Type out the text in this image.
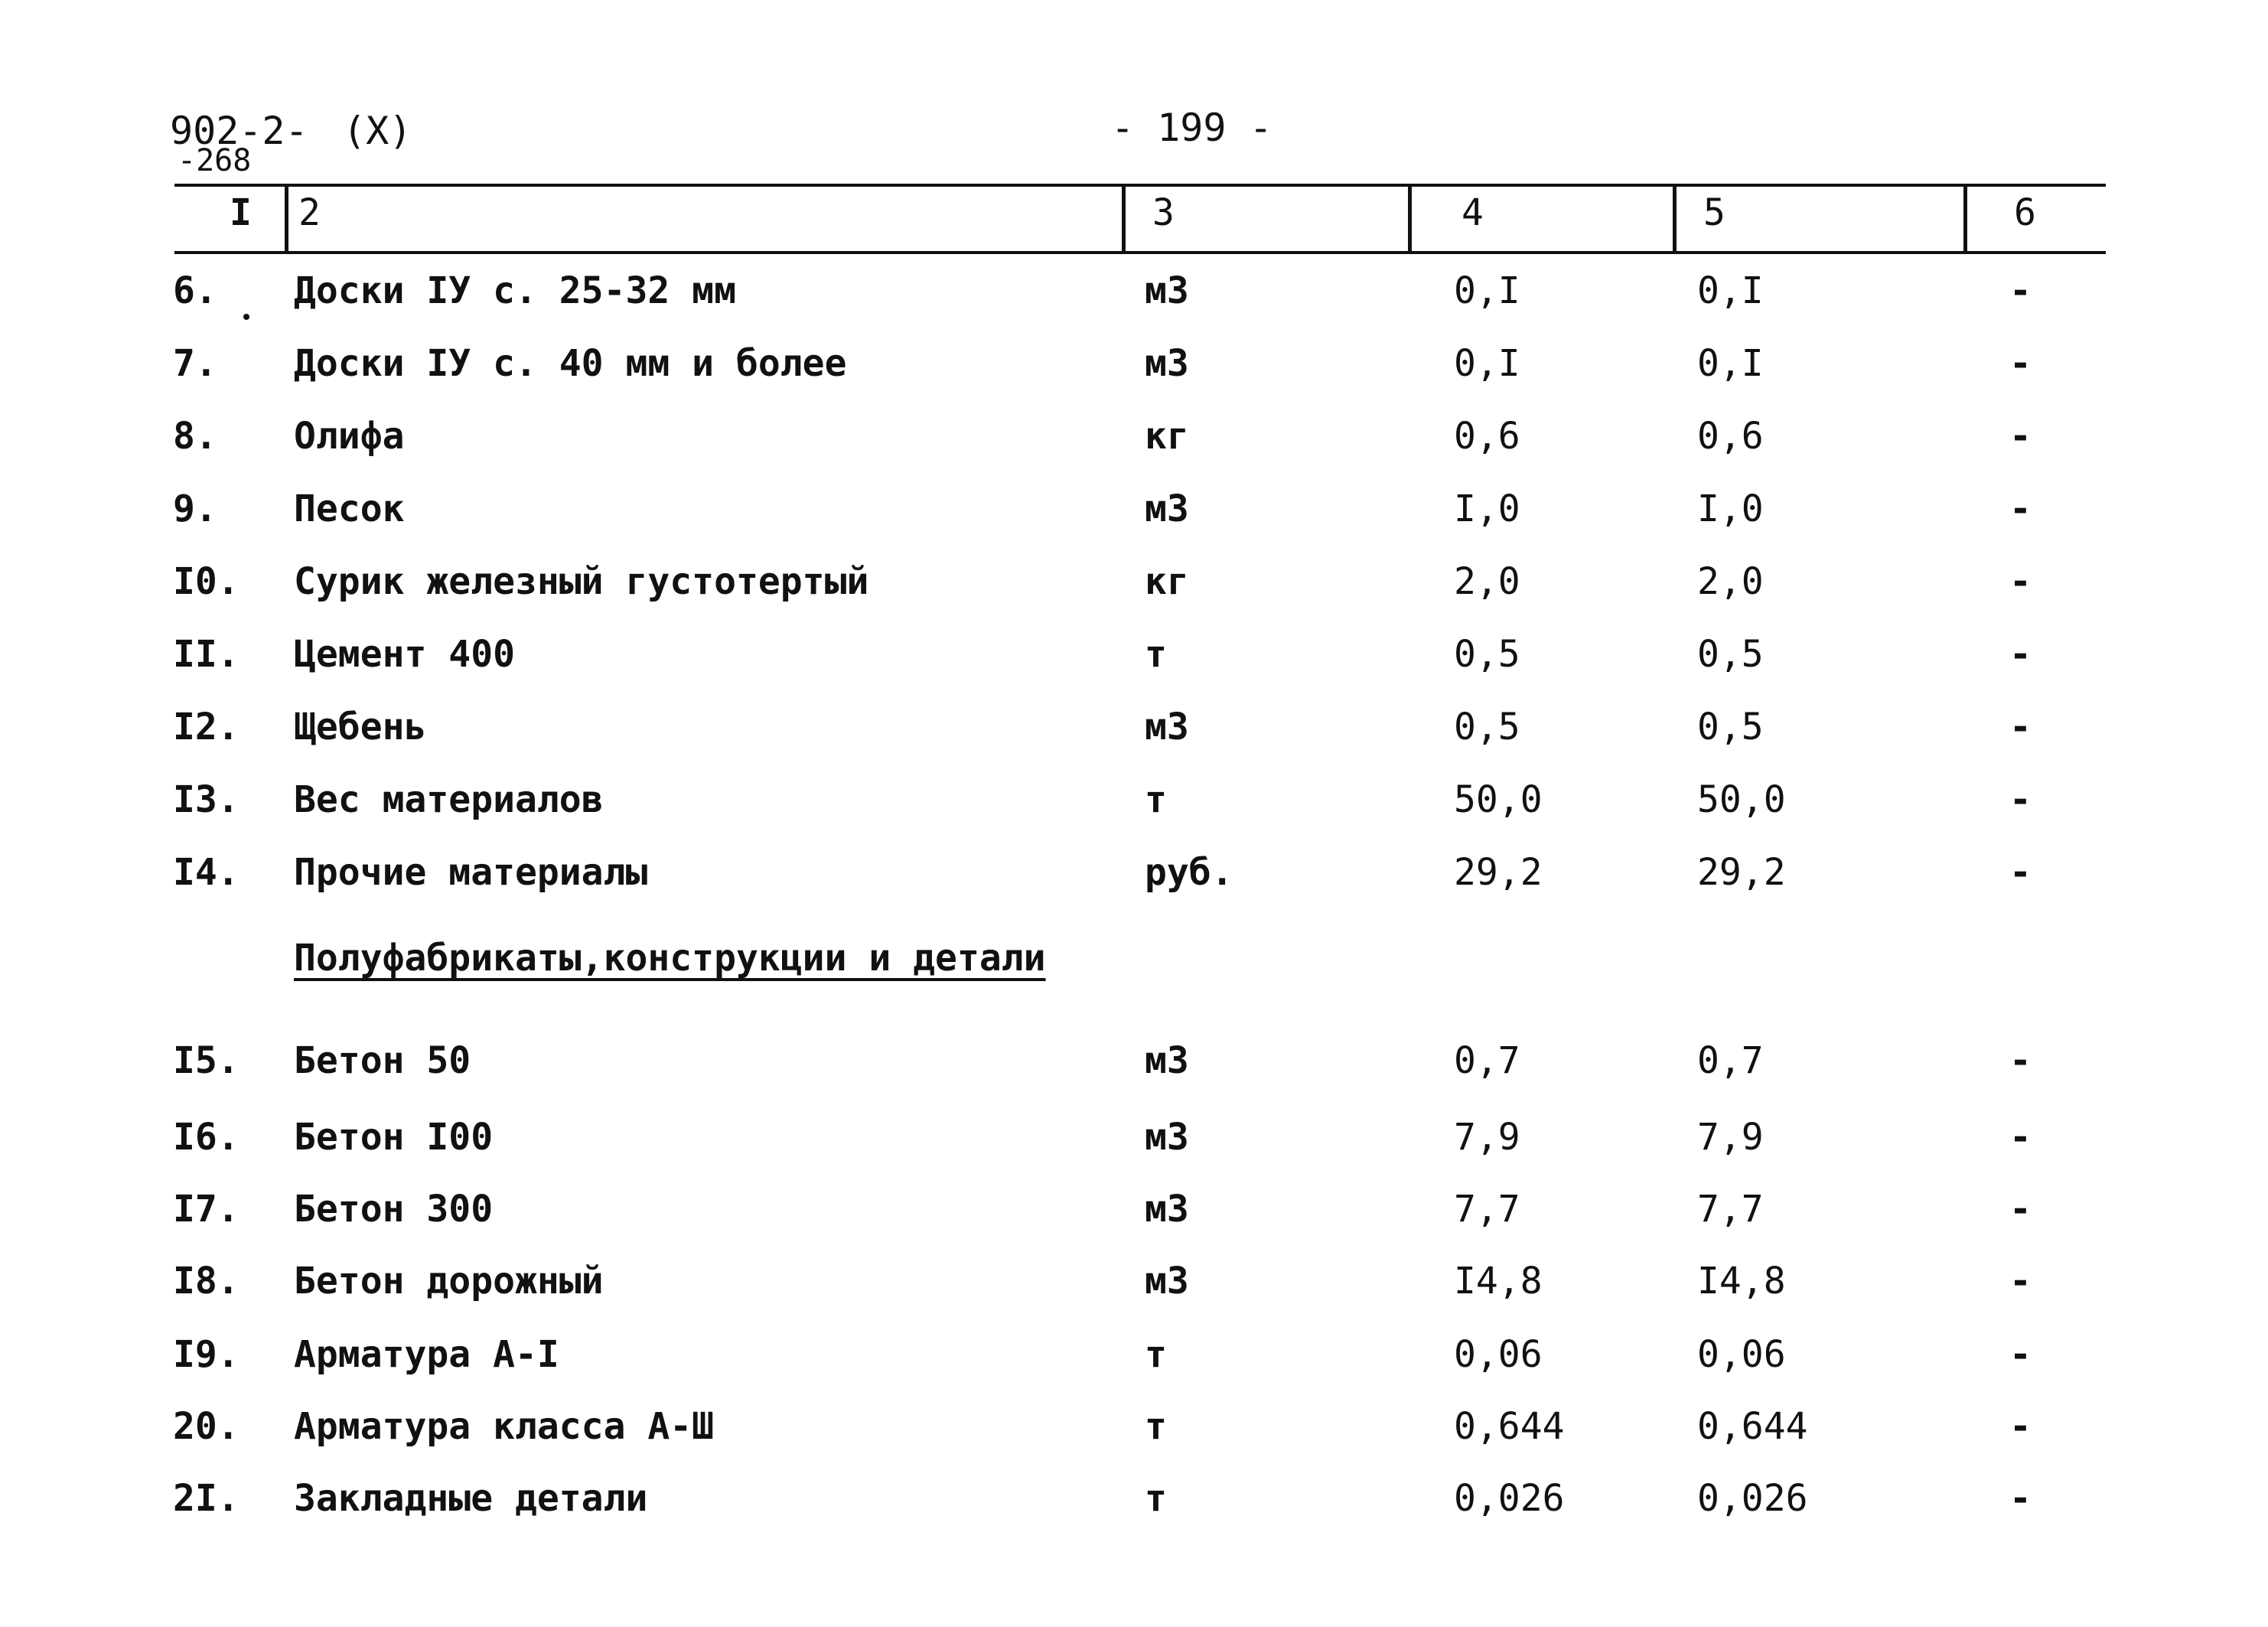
902-2-
-268
(X)	- 199 -
I 2	3	4	5	6
6. Доски IУ с. 25-32 мм	м3	0,I	0,I	-
7. Доски IУ с. 40 мм и более	м3	0,I	0,I	-
8. Олифа	кг	0,6	0,6	-
9. Песок	м3	I,0	I,0	-
I0. Сурик железный густотертый	кг	2,0	2,0	-
II. Цемент 400	т	0,5	0,5	-
I2. Щебень	м3	0,5	0,5	-
I3. Вес материалов	т	50,0	50,0	-
I4. Прочие материалы	руб.	29,2	29,2	-
Полуфабрикаты,конструкции и детали
I5. Бетон 50	м3	0,7	0,7	-
I6. Бетон I00	м3	7,9	7,9	-
I7. Бетон 300	м3	7,7	7,7	-
I8. Бетон дорожный	м3	I4,8	I4,8	-
I9. Арматура А-I	т	0,06	0,06	-
20. Арматура класса А-Ш	т	0,644	0,644	-
2I. Закладные детали	т	0,026	0,026	-
